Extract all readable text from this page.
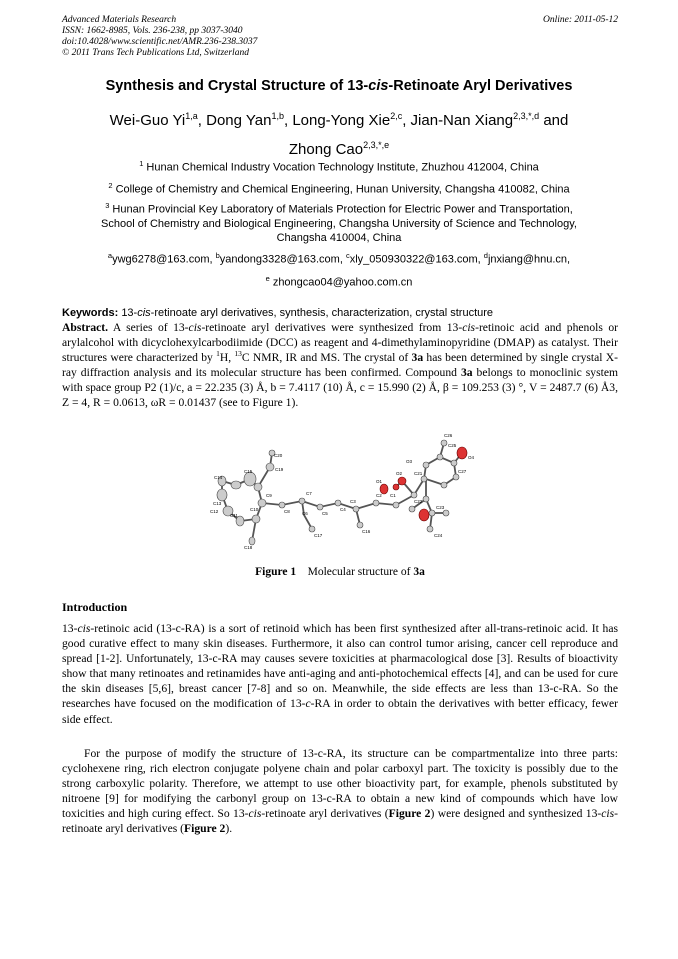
Advanced Materials Research
ISSN: 1662-8985, Vols. 236-238, pp 3037-3040
doi:10.4028/www.scientific.net/AMR.236-238.3037
© 2011 Trans Tech Publications Ltd, Switzerland
Online: 2011-05-12
Synthesis and Crystal Structure of 13-cis-Retinoate Aryl Derivatives
Wei-Guo Yi$^{1,a}$, Dong Yan$^{1,b}$, Long-Yong Xie$^{2,c}$, Jian-Nan Xiang$^{2,3,*,d}$ and
Zhong Cao$^{2,3,*,e}$
$^1$ Hunan Chemical Industry Vocation Technology Institute, Zhuzhou 412004, China
$^2$ College of Chemistry and Chemical Engineering, Hunan University, Changsha 410082, China
$^3$ Hunan Provincial Key Laboratory of Materials Protection for Electric Power and Transportation,
School of Chemistry and Biological Engineering, Changsha University of Science and Technology,
Changsha 410004, China
$^a$ywg6278@163.com, $^b$yandong3328@163.com, $^c$xly_050930322@163.com, $^d$jnxiang@hnu.cn,
$^e$ zhongcao04@yahoo.com.cn
Keywords: 13-cis-retinoate aryl derivatives, synthesis, characterization, crystal structure
Abstract. A series of 13-cis-retinoate aryl derivatives were synthesized from 13-cis-retinoic acid and phenols or arylalcohol with dicyclohexylcarbodiimide (DCC) as reagent and 4-dimethylaminopyridine (DMAP) as catalyst. Their structures were characterized by $^1$H, $^{13}$C NMR, IR and MS. The crystal of 3a has been determined by single crystal X-ray diffraction analysis and its molecular structure has been confirmed. Compound 3a belongs to monoclinic system with space group P2 (1)/c, a = 22.235 (3) Å, b = 7.4117 (10) Å, c = 15.990 (2) Å, β = 109.253 (3) °, V = 2487.7 (6) Å3, Z = 4, R = 0.0613, ωR = 0.01437 (see to Figure 1).
C14
C15
C20
C19
C13
C12
C11
C10
C9
C18
C8
C7
C6	C5
C4
C3
C2 C1
C17
C16
O1
O2
O3
C21
C22
C23
C24
C25
C26
C27
O4
Figure 1 Molecular structure of 3a
Introduction
13-cis-retinoic acid (13-c-RA) is a sort of retinoid which has been first synthesized after all-trans-retinoic acid. It has good curative effect to many skin diseases. Furthermore, it also can control tumor arising, cancer cell reproduce and spread [1-2]. Unfortunately, 13-c-RA may causes severe toxicities at pharmacological dose [3]. Results of bioactivity show that many retinoates and retinamides have anti-aging and anti-photochemical effects [4], and can be used for cure the skin diseases [5,6], breast cancer [7-8] and so on. Meanwhile, the side effects are less than 13-c-RA. So the researches have focused on the modification of 13-c-RA in order to obtain the derivatives with better efficacy, fewer side effect.
For the purpose of modify the structure of 13-c-RA, its structure can be compartmentalize into three parts: cyclohexene ring, rich electron conjugate polyene chain and polar carboxyl part. The toxicity is possibly due to the strong carboxylic polarity. Therefore, we attempt to use other bioactivity part, for example, phenols substituted by nitroene [9] for modifying the carbonyl group on 13-c-RA to obtain a new kind of compounds which have low toxicities and high curing effect. So 13-cis-retinoate aryl derivatives (Figure 2) were designed and synthesized 13-cis-retinoate aryl derivatives (Figure 2).
